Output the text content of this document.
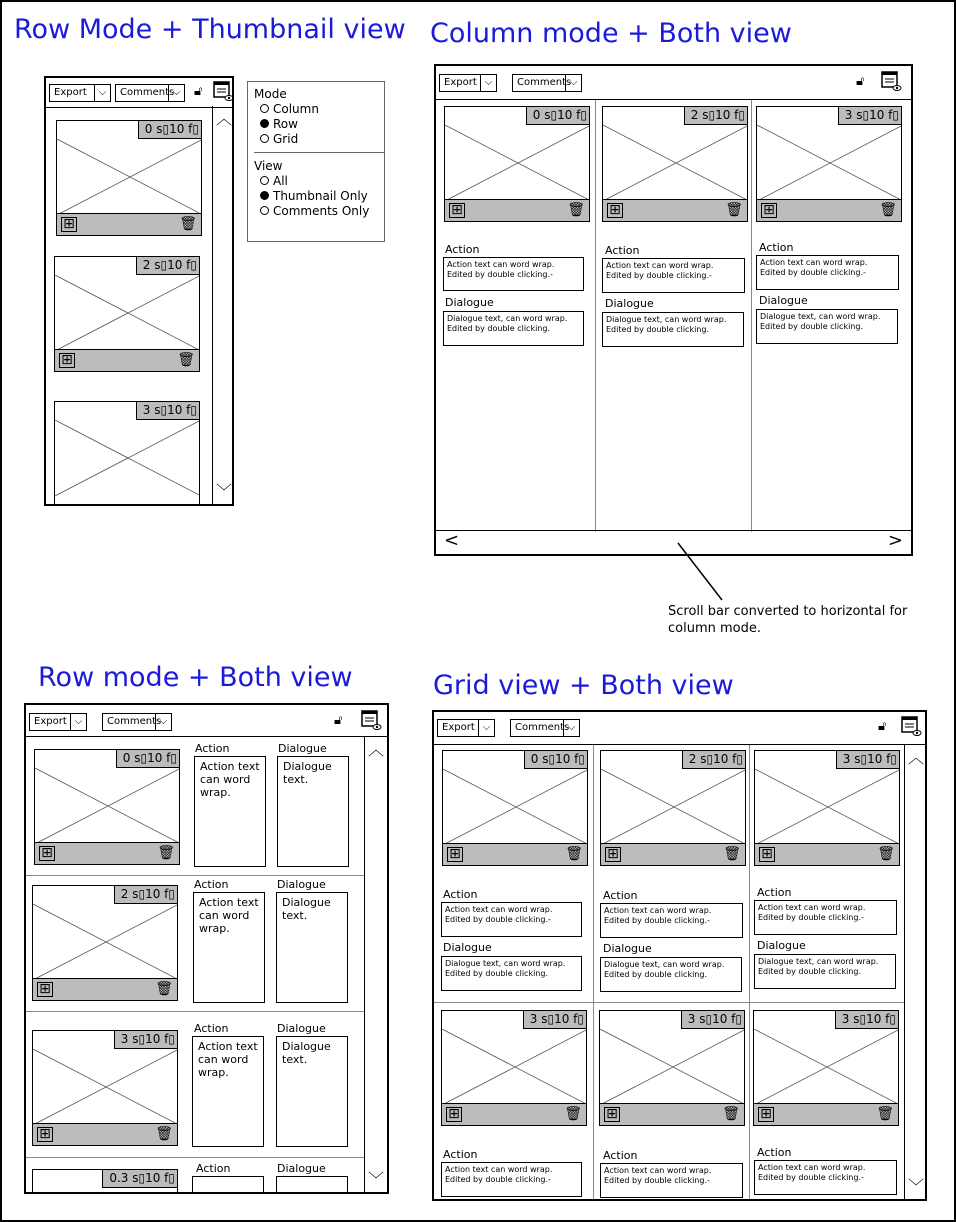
Row Mode + Thumbnail view
Export	⌵	Comments
⌵ 🔓︎
︿
﹀
0 s▯10 f▯
⊞	🗑
2 s▯10 f▯
⊞	🗑
3 s▯10 f▯
Mode
Column
Row
Grid
View
All
Thumbnail Only
Comments Only
Column mode + Both view
Export ⌵	Comments
⌵	🔓︎
0 s▯10 f▯
⊞	🗑
Action
Action text can word wrap. Edited by double clicking.-
Dialogue
Dialogue text, can word wrap. Edited by double clicking.
2 s▯10 f▯
⊞	🗑
Action
Action text can word wrap. Edited by double clicking.-
Dialogue
Dialogue text, can word wrap. Edited by double clicking.
3 s▯10 f▯
⊞	🗑
Action
Action text can word wrap. Edited by double clicking.-
Dialogue
Dialogue text, can word wrap. Edited by double clicking.
<	>
Scroll bar converted to horizontal for column mode.
Row mode + Both view
Export ⌵	Comments
⌵	🔓︎
︿
﹀
0 s▯10 f▯
⊞	🗑
Action
Action text can word wrap.
Dialogue
Dialogue text.
2 s▯10 f▯
⊞	🗑
Action
Action text can word wrap.
Dialogue
Dialogue text.
3 s▯10 f▯
⊞	🗑
Action
Action text can word wrap.
Dialogue
Dialogue text.
0.3 s▯10 f▯
Action	Dialogue
Grid view + Both view
Export ⌵	Comments
⌵	🔓︎
︿
﹀
0 s▯10 f▯
⊞	🗑
Action
Action text can word wrap. Edited by double clicking.-
Dialogue
Dialogue text, can word wrap. Edited by double clicking.
2 s▯10 f▯
⊞	🗑
Action
Action text can word wrap. Edited by double clicking.-
Dialogue
Dialogue text, can word wrap. Edited by double clicking.
3 s▯10 f▯
⊞	🗑
Action
Action text can word wrap. Edited by double clicking.-
Dialogue
Dialogue text, can word wrap. Edited by double clicking.
3 s▯10 f▯
⊞	🗑
Action
Action text can word wrap. Edited by double clicking.-
3 s▯10 f▯
⊞	🗑
Action
Action text can word wrap. Edited by double clicking.-
3 s▯10 f▯
⊞	🗑
Action
Action text can word wrap. Edited by double clicking.-
